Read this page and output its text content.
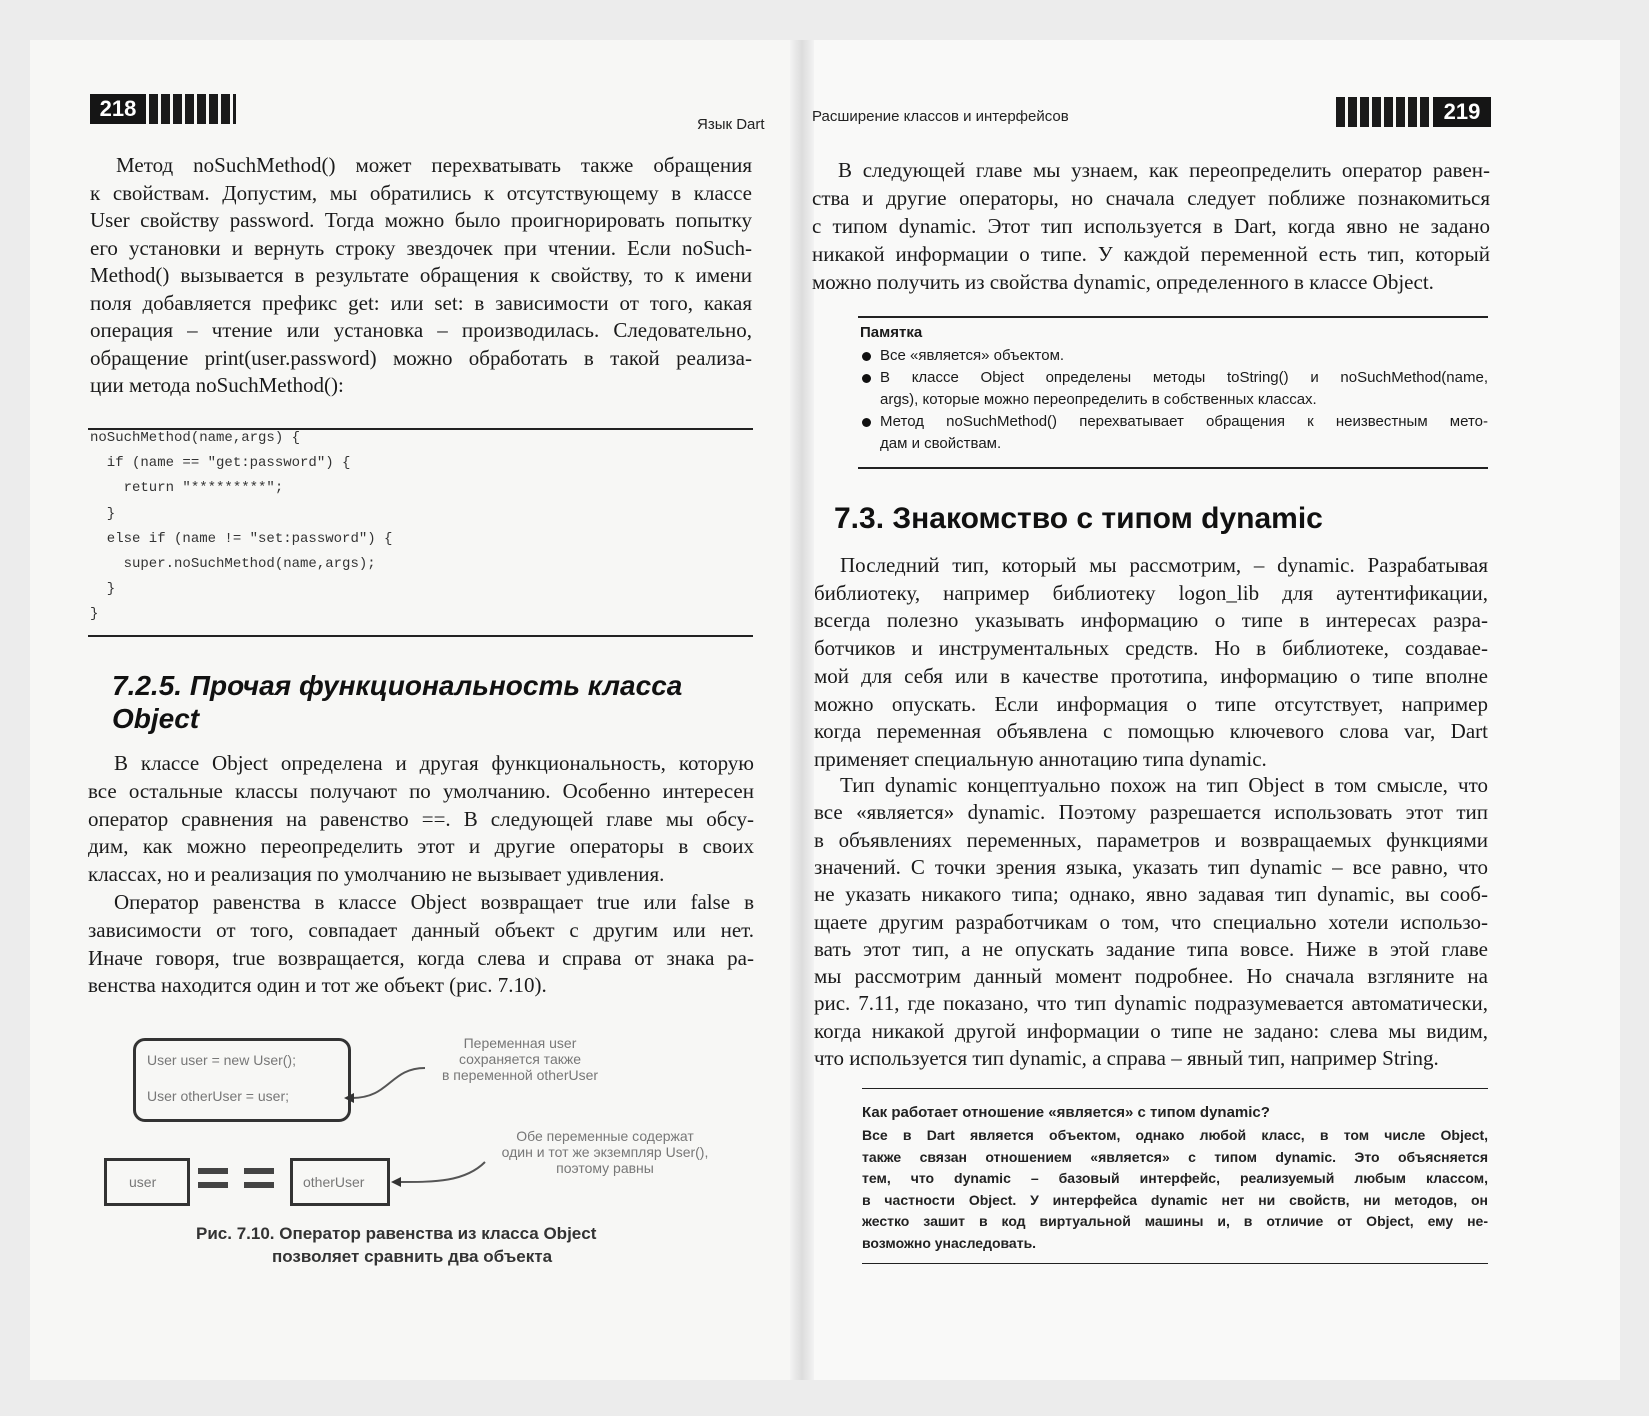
218
Язык Dart	Расширение классов и интерфейсов	219
Метод noSuchMethod() может перехватывать также обращения
к свойствам. Допустим, мы обратились к отсутствующему в классе
User свойству password. Тогда можно было проигнорировать попытку
его установки и вернуть строку звездочек при чтении. Если noSuch-
Method() вызывается в результате обращения к свойству, то к имени
поля добавляется префикс get: или set: в зависимости от того, какая
операция – чтение или установка – производилась. Следовательно,
обращение print(user.password) можно обработать в такой реализа-
ции метода noSuchMethod():
noSuchMethod(name,args) {
if (name == "get:password") {
return "*********";
}
else if (name != "set:password") {
super.noSuchMethod(name,args);
}
}
В классе Object определена и другая функциональность, которую
все остальные классы получают по умолчанию. Особенно интересен
оператор сравнения на равенство ==. В следующей главе мы обсу-
дим, как можно переопределить этот и другие операторы в своих
классах, но и реализация по умолчанию не вызывает удивления.
Оператор равенства в классе Object возвращает true или false в
зависимости от того, совпадает данный объект с другим или нет.
Иначе говоря, true возвращается, когда слева и справа от знака ра-
венства находится один и тот же объект (рис. 7.10).
В следующей главе мы узнаем, как переопределить оператор равен-
ства и другие операторы, но сначала следует поближе познакомиться
с типом dynamic. Этот тип используется в Dart, когда явно не задано
никакой информации о типе. У каждой переменной есть тип, который
можно получить из свойства dynamic, определенного в классе Object.
Все «является» объектом.
В классе Object определены методы toString() и noSuchMethod(name,
args), которые можно переопределить в собственных классах.
Метод noSuchMethod() перехватывает обращения к неизвестным мето-
дам и свойствам.
Последний тип, который мы рассмотрим, – dynamic. Разрабатывая
библиотеку, например библиотеку logon_lib для аутентификации,
всегда полезно указывать информацию о типе в интересах разра-
ботчиков и инструментальных средств. Но в библиотеке, создавае-
мой для себя или в качестве прототипа, информацию о типе вполне
можно опускать. Если информация о типе отсутствует, например
когда переменная объявлена с помощью ключевого слова var, Dart
применяет специальную аннотацию типа dynamic.
Тип dynamic концептуально похож на тип Object в том смысле, что
все «является» dynamic. Поэтому разрешается использовать этот тип
в объявлениях переменных, параметров и возвращаемых функциями
значений. С точки зрения языка, указать тип dynamic – все равно, что
не указать никакого типа; однако, явно задавая тип dynamic, вы сооб-
щаете другим разработчикам о том, что специально хотели использо-
вать этот тип, а не опускать задание типа вовсе. Ниже в этой главе
мы рассмотрим данный момент подробнее. Но сначала взгляните на
рис. 7.11, где показано, что тип dynamic подразумевается автоматически,
когда никакой другой информации о типе не задано: слева мы видим,
что используется тип dynamic, а справа – явный тип, например String.
Все в Dart является объектом, однако любой класс, в том числе Object,
также связан отношением «является» с типом dynamic. Это объясняется
тем, что dynamic – базовый интерфейс, реализуемый любым классом,
в частности Object. У интерфейса dynamic нет ни свойств, ни методов, он
жестко зашит в код виртуальной машины и, в отличие от Object, ему не-
возможно унаследовать.
7.2.5. Прочая функциональность класса
Object
User user = new User();
User otherUser = user;
Переменная user
сохраняется также
в переменной otherUser
user	otherUser
Обе переменные содержат
один и тот же экземпляр User(),
поэтому равны
Рис. 7.10. Оператор равенства из класса Object
позволяет сравнить два объекта
Памятка
7.3. Знакомство с типом dynamic
Как работает отношение «является» с типом dynamic?
